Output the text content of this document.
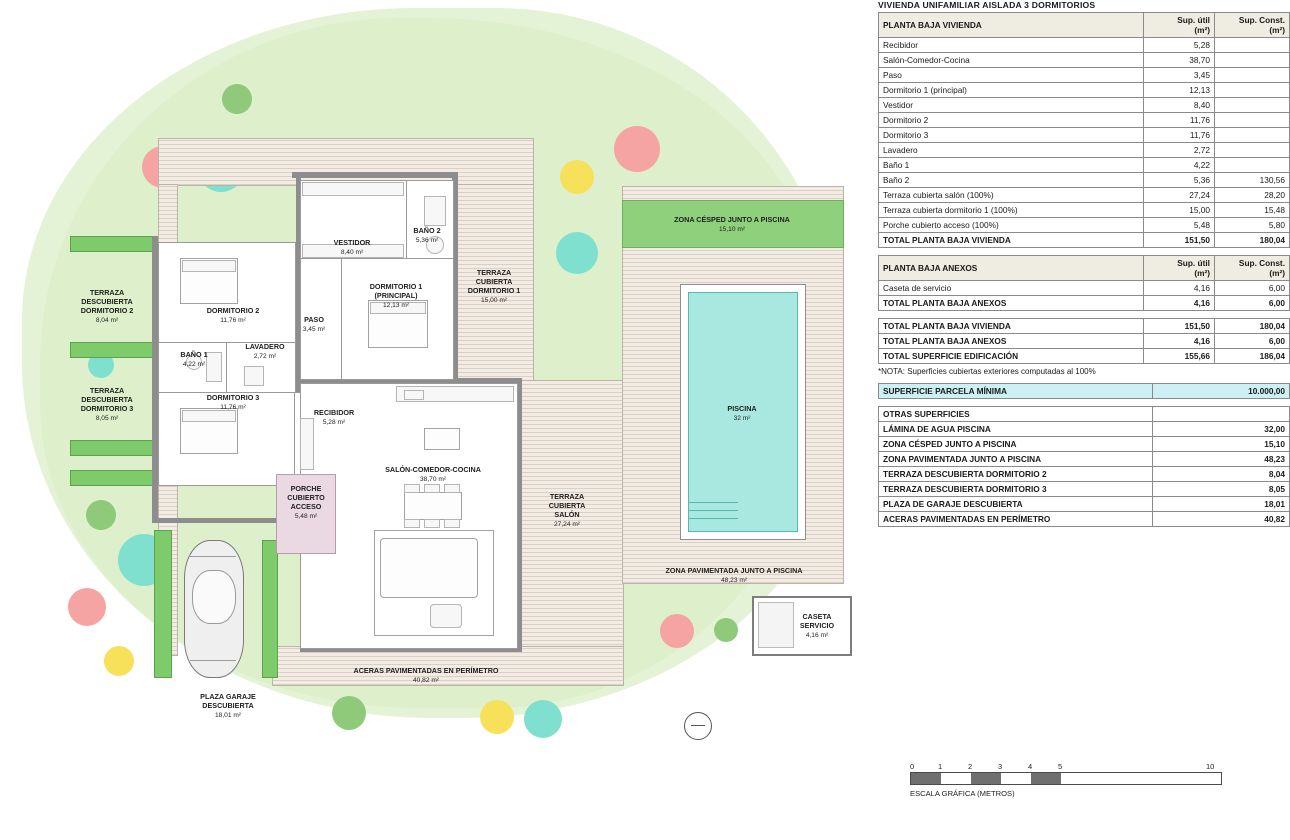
DORMITORIO 2
11,76 m²
VESTIDOR
8,40 m²
BAÑO 2
5,36 m²
DORMITORIO 1
(PRINCIPAL)
12,13 m²
PASO
3,45 m²
BAÑO 1
4,22 m²
LAVADERO
2,72 m²
DORMITORIO 3
11,76 m²
RECIBIDOR
5,28 m²
SALÓN-COMEDOR-COCINA
38,70 m²
TERRAZA
CUBIERTA
DORMITORIO 1
15,00 m²
TERRAZA
CUBIERTA
SALÓN
27,24 m²
PORCHE
CUBIERTO
ACCESO
5,48 m²
TERRAZA
DESCUBIERTA
DORMITORIO 2
8,04 m²
TERRAZA
DESCUBIERTA
DORMITORIO 3
8,05 m²
ZONA CÉSPED JUNTO A PISCINA
15,10 m²
ZONA PAVIMENTADA JUNTO A PISCINA
48,23 m²
ACERAS PAVIMENTADAS EN PERÍMETRO
40,82 m²
PLAZA GARAJE
DESCUBIERTA
18,01 m²
PISCINA
32 m²
CASETA
SERVICIO
4,16 m²
VIVIENDA UNIFAMILIAR AISLADA 3 DORMITORIOS
PLANTA BAJA VIVIENDA	Sup. útil
(m²)	Sup. Const.
(m²)
Recibidor	5,28	
Salón-Comedor-Cocina	38,70	
Paso	3,45	
Dormitorio 1 (principal)	12,13	
Vestidor	8,40	
Dormitorio 2	11,76	
Dormitorio 3	11,76	
Lavadero	2,72	
Baño 1	4,22	
Baño 2	5,36	130,56
Terraza cubierta salón (100%)	27,24	28,20
Terraza cubierta dormitorio 1 (100%)	15,00	15,48
Porche cubierto acceso (100%)	5,48	5,80
TOTAL PLANTA BAJA VIVIENDA	151,50	180,04
PLANTA BAJA ANEXOS	Sup. útil
(m²)	Sup. Const.
(m²)
Caseta de servicio	4,16	6,00
TOTAL PLANTA BAJA ANEXOS	4,16	6,00
TOTAL PLANTA BAJA VIVIENDA	151,50	180,04
TOTAL PLANTA BAJA ANEXOS	4,16	6,00
TOTAL SUPERFICIE EDIFICACIÓN	155,66	186,04
*NOTA: Superficies cubiertas exteriores computadas al 100%
SUPERFICIE PARCELA MÍNIMA	10.000,00
OTRAS SUPERFICIES	
LÁMINA DE AGUA PISCINA	32,00
ZONA CÉSPED JUNTO A PISCINA	15,10
ZONA PAVIMENTADA JUNTO A PISCINA	48,23
TERRAZA DESCUBIERTA DORMITORIO 2	8,04
TERRAZA DESCUBIERTA DORMITORIO 3	8,05
PLAZA DE GARAJE DESCUBIERTA	18,01
ACERAS PAVIMENTADAS EN PERÍMETRO	40,82
0	1	2	3	4	5	10
ESCALA GRÁFICA (METROS)
